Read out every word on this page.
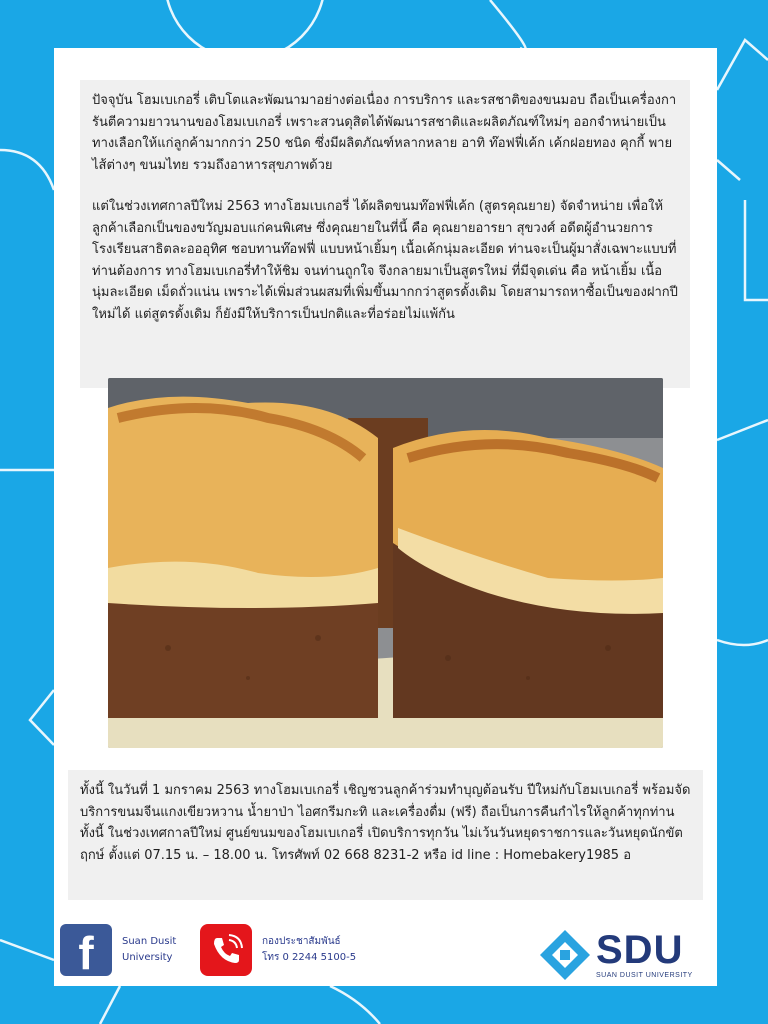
ปัจจุบัน โฮมเบเกอรี่ เติบโตและพัฒนามาอย่างต่อเนื่อง การบริการ และรสชาติของขนมอบ ถือเป็นเครื่องการันตีความยาวนานของโฮมเบเกอรี่ เพราะสวนดุสิตได้พัฒนารสชาติและผลิตภัณฑ์ใหม่ๆ ออกจำหน่ายเป็นทางเลือกให้แก่ลูกค้ามากกว่า 250 ชนิด ซึ่งมีผลิตภัณฑ์หลากหลาย อาทิ ท๊อฟฟี่เค้ก เค้กฝอยทอง คุกกี้ พายไส้ต่างๆ ขนมไทย รวมถึงอาหารสุขภาพด้วย

แต่ในช่วงเทศกาลปีใหม่ 2563 ทางโฮมเบเกอรี่ ได้ผลิตขนมท๊อฟฟี่เค้ก (สูตรคุณยาย) จัดจำหน่าย เพื่อให้ลูกค้าเลือกเป็นของขวัญมอบแก่คนพิเศษ ซึ่งคุณยายในที่นี้ คือ คุณยายอารยา สุขวงศ์ อดีตผู้อำนวยการโรงเรียนสาธิตละอออุทิศ ชอบทานท๊อฟฟี่ แบบหน้าเยิ้มๆ เนื้อเค้กนุ่มละเอียด ท่านจะเป็นผู้มาสั่งเฉพาะแบบที่ท่านต้องการ ทางโฮมเบเกอรี่ทำให้ชิม จนท่านถูกใจ จึงกลายมาเป็นสูตรใหม่ ที่มีจุดเด่น คือ หน้าเยิ้ม เนื้อนุ่มละเอียด เม็ดถั่วแน่น เพราะได้เพิ่มส่วนผสมที่เพิ่มขึ้นมากกว่าสูตรดั้งเดิม โดยสามารถหาซื้อเป็นของฝากปีใหม่ได้ แต่สูตรดั้งเดิม ก็ยังมีให้บริการเป็นปกติและที่อร่อยไม่แพ้กัน

ทั้งนี้ ในวันที่ 1 มกราคม 2563 ทางโฮมเบเกอรี่ เชิญชวนลูกค้าร่วมทำบุญต้อนรับ ปีใหม่กับโฮมเบเกอรี่ พร้อมจัดบริการขนมจีนแกงเขียวหวาน น้ำยาป่า ไอศกรีมกะทิ และเครื่องดื่ม (ฟรี) ถือเป็นการคืนกำไรให้ลูกค้าทุกท่าน ทั้งนี้ ในช่วงเทศกาลปีใหม่ ศูนย์ขนมของโฮมเบเกอรี่ เปิดบริการทุกวัน ไม่เว้นวันหยุดราชการและวันหยุดนักขัตฤกษ์ ตั้งแต่ 07.15 น. – 18.00 น. โทรศัพท์ 02 668 8231-2 หรือ id line : Homebakery1985 อ

f	Suan Dusit
University
กองประชาสัมพันธ์
โทร 0 2244 5100-5	SDU
SUAN DUSIT UNIVERSITY
